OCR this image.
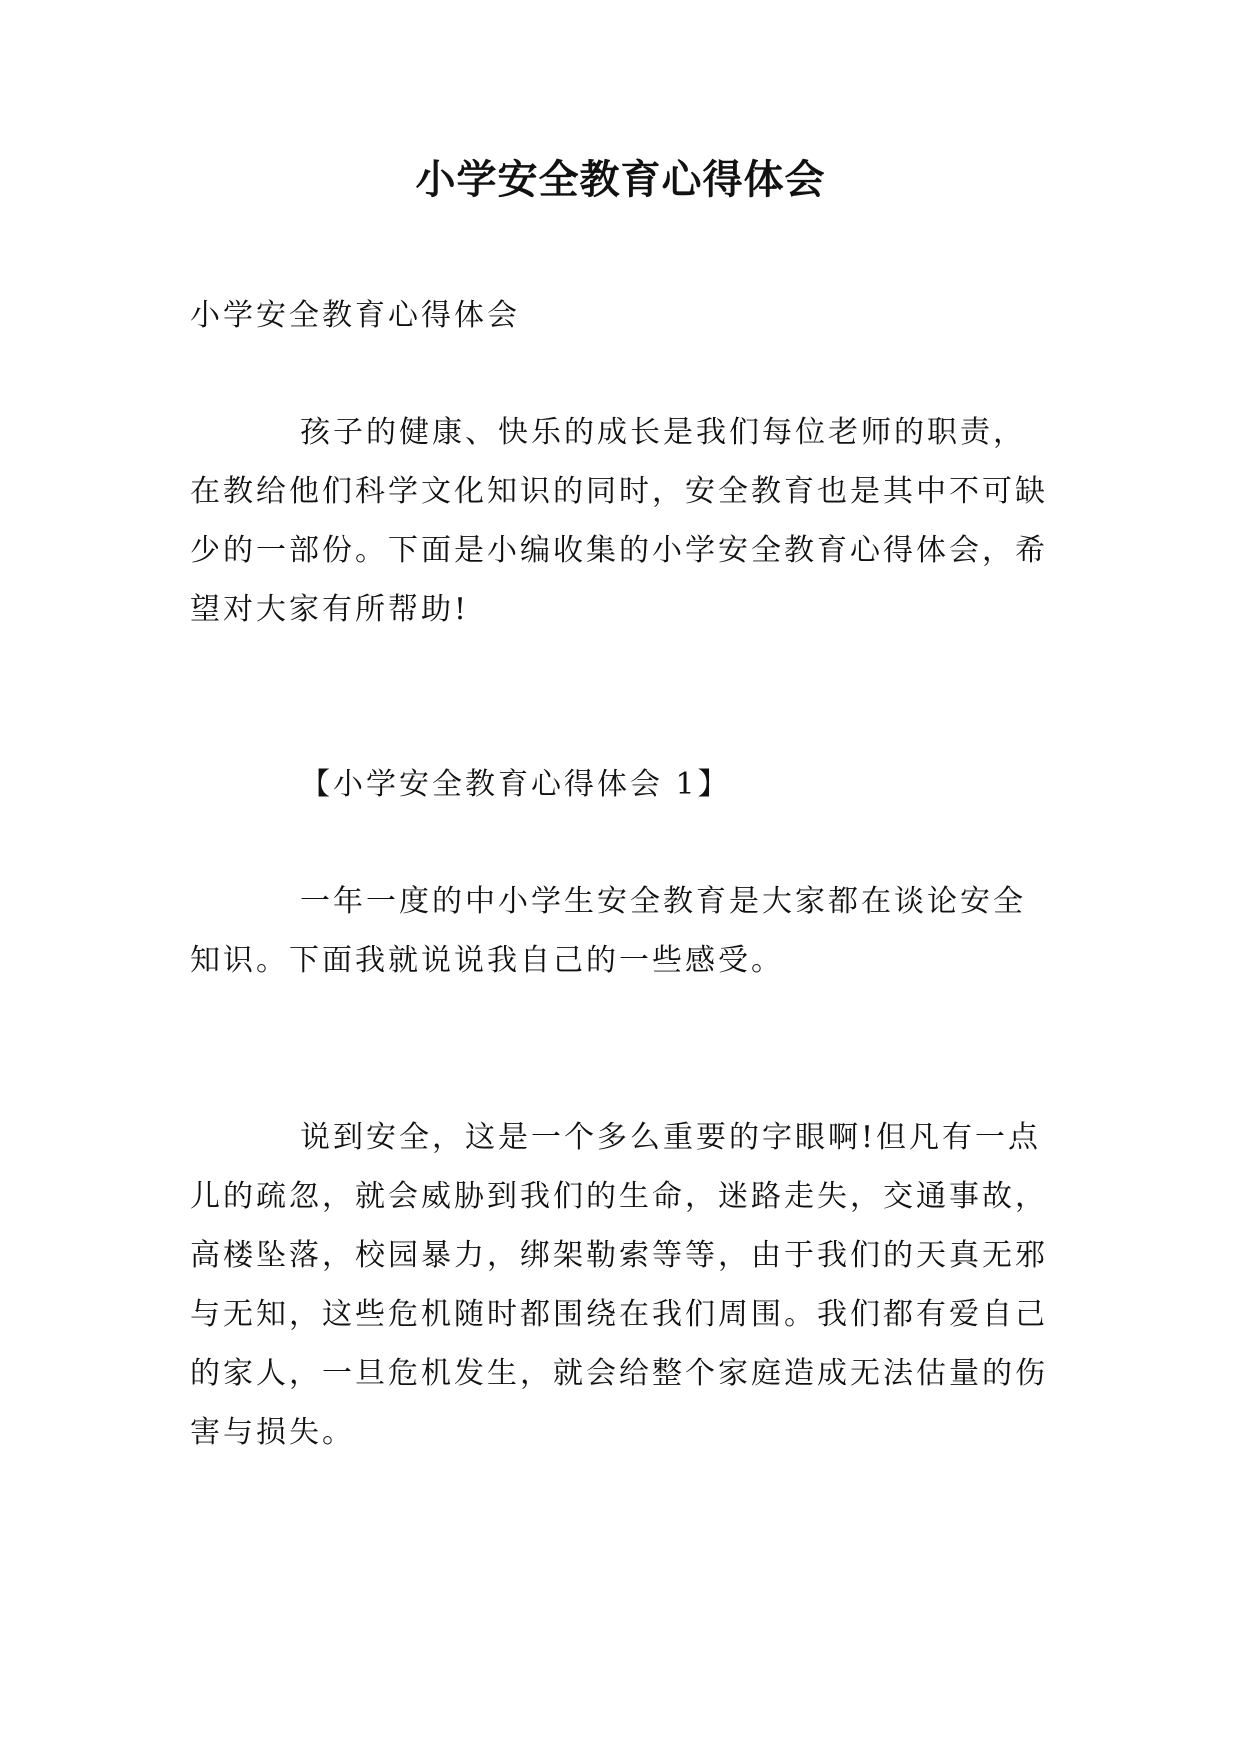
小学安全教育心得体会

小学安全教育心得体会

孩子的健康、快乐的成长是我们每位老师的职责，在教给他们科学文化知识的同时，安全教育也是其中不可缺少的一部份。下面是小编收集的小学安全教育心得体会，希望对大家有所帮助!

【小学安全教育心得体会 1】

一年一度的中小学生安全教育是大家都在谈论安全知识。下面我就说说我自己的一些感受。

说到安全，这是一个多么重要的字眼啊!但凡有一点儿的疏忽，就会威胁到我们的生命，迷路走失，交通事故，高楼坠落，校园暴力，绑架勒索等等，由于我们的天真无邪与无知，这些危机随时都围绕在我们周围。我们都有爱自己的家人，一旦危机发生，就会给整个家庭造成无法估量的伤害与损失。
